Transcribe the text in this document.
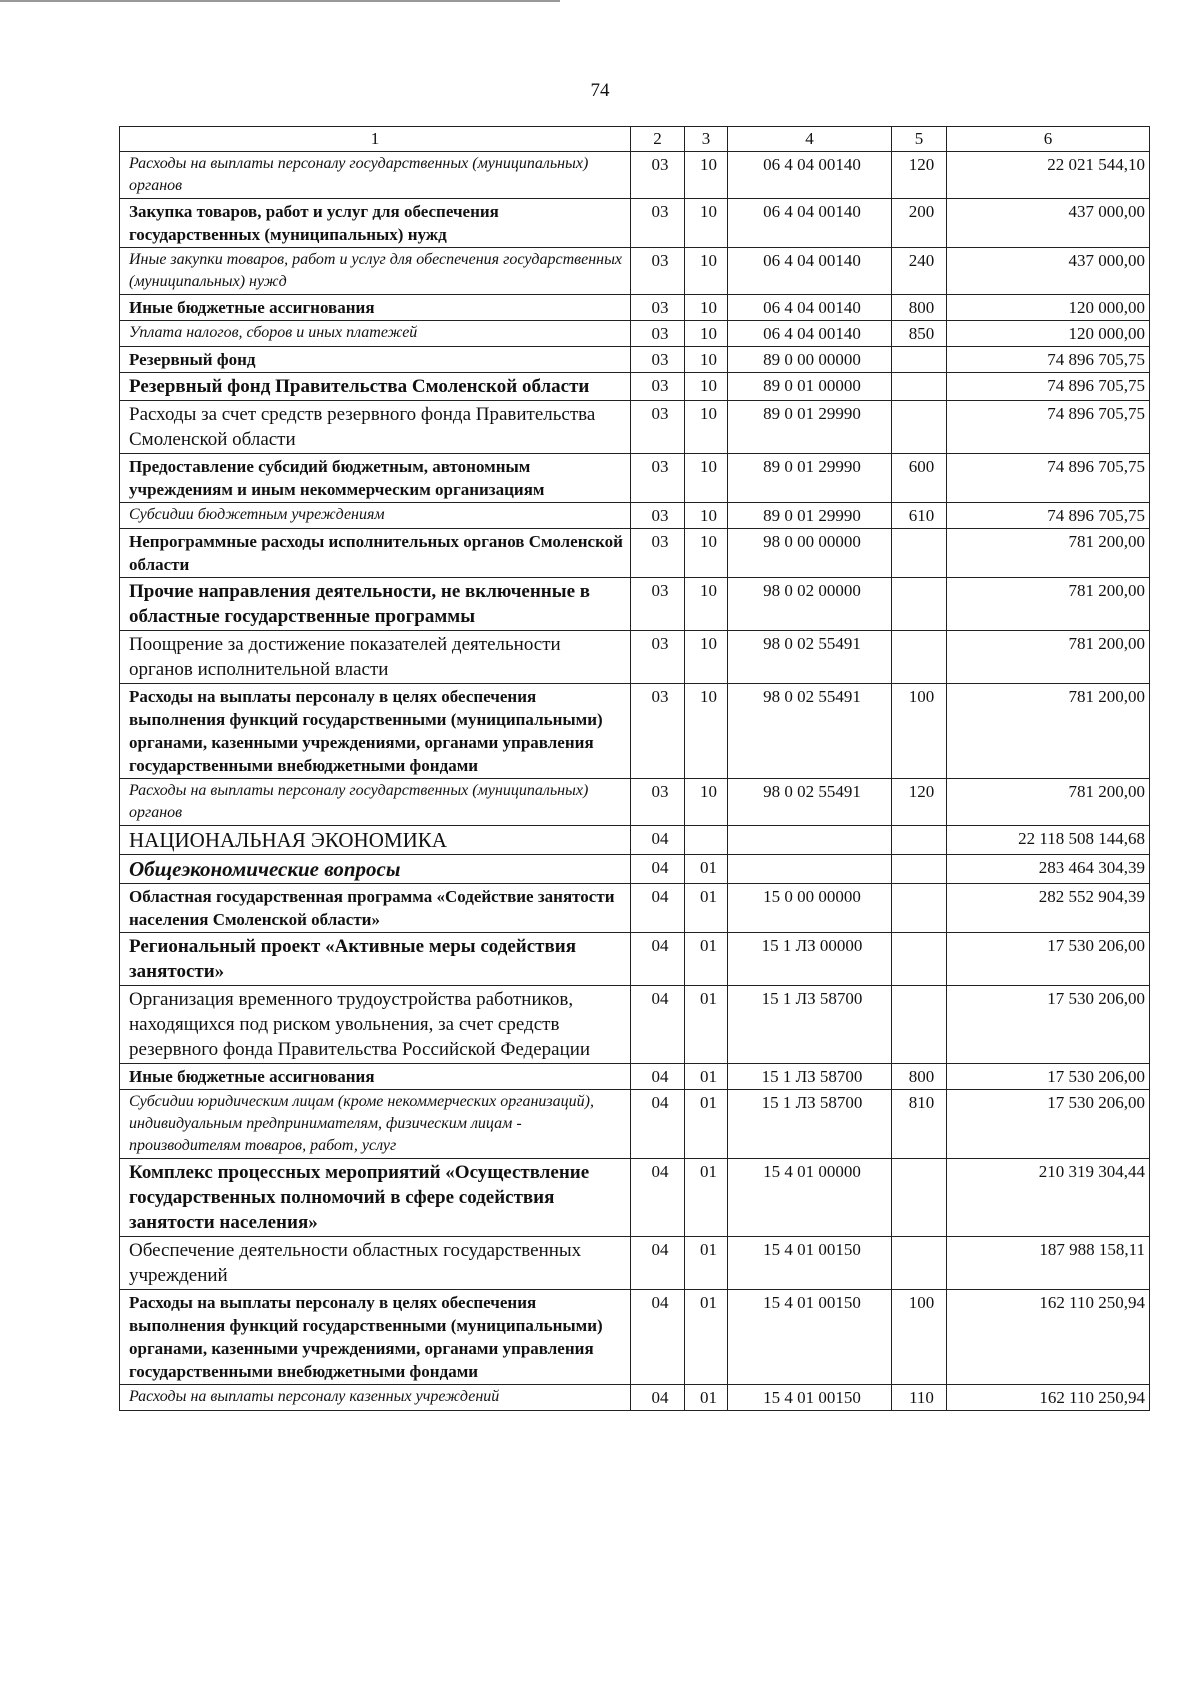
74
1	2	3	4	5	6
Расходы на выплаты персоналу государственных (муниципальных) органов	03	10	06 4 04 00140	120	22 021 544,10
Закупка товаров, работ и услуг для обеспечения государственных (муниципальных) нужд	03	10	06 4 04 00140	200	437 000,00
Иные закупки товаров, работ и услуг для обеспечения государственных (муниципальных) нужд	03	10	06 4 04 00140	240	437 000,00
Иные бюджетные ассигнования	03	10	06 4 04 00140	800	120 000,00
Уплата налогов, сборов и иных платежей	03	10	06 4 04 00140	850	120 000,00
Резервный фонд	03	10	89 0 00 00000		74 896 705,75
Резервный фонд Правительства Смоленской области	03	10	89 0 01 00000		74 896 705,75
Расходы за счет средств резервного фонда Правительства Смоленской области	03	10	89 0 01 29990		74 896 705,75
Предоставление субсидий бюджетным, автономным учреждениям и иным некоммерческим организациям	03	10	89 0 01 29990	600	74 896 705,75
Субсидии бюджетным учреждениям	03	10	89 0 01 29990	610	74 896 705,75
Непрограммные расходы исполнительных органов Смоленской области	03	10	98 0 00 00000		781 200,00
Прочие направления деятельности, не включенные в областные государственные программы	03	10	98 0 02 00000		781 200,00
Поощрение за достижение показателей деятельности органов исполнительной власти	03	10	98 0 02 55491		781 200,00
Расходы на выплаты персоналу в целях обеспечения выполнения функций государственными (муниципальными) органами, казенными учреждениями, органами управления государственными внебюджетными фондами	03	10	98 0 02 55491	100	781 200,00
Расходы на выплаты персоналу государственных (муниципальных) органов	03	10	98 0 02 55491	120	781 200,00
НАЦИОНАЛЬНАЯ ЭКОНОМИКА	04				22 118 508 144,68
Общеэкономические вопросы	04	01			283 464 304,39
Областная государственная программа «Содействие занятости населения Смоленской области»	04	01	15 0 00 00000		282 552 904,39
Региональный проект «Активные меры содействия занятости»	04	01	15 1 ЛЗ 00000		17 530 206,00
Организация временного трудоустройства работников, находящихся под риском увольнения, за счет средств резервного фонда Правительства Российской Федерации	04	01	15 1 ЛЗ 58700		17 530 206,00
Иные бюджетные ассигнования	04	01	15 1 ЛЗ 58700	800	17 530 206,00
Субсидии юридическим лицам (кроме некоммерческих организаций), индивидуальным предпринимателям, физическим лицам - производителям товаров, работ, услуг	04	01	15 1 ЛЗ 58700	810	17 530 206,00
Комплекс процессных мероприятий «Осуществление государственных полномочий в сфере содействия занятости населения»	04	01	15 4 01 00000		210 319 304,44
Обеспечение деятельности областных государственных учреждений	04	01	15 4 01 00150		187 988 158,11
Расходы на выплаты персоналу в целях обеспечения выполнения функций государственными (муниципальными) органами, казенными учреждениями, органами управления государственными внебюджетными фондами	04	01	15 4 01 00150	100	162 110 250,94
Расходы на выплаты персоналу казенных учреждений	04	01	15 4 01 00150	110	162 110 250,94
